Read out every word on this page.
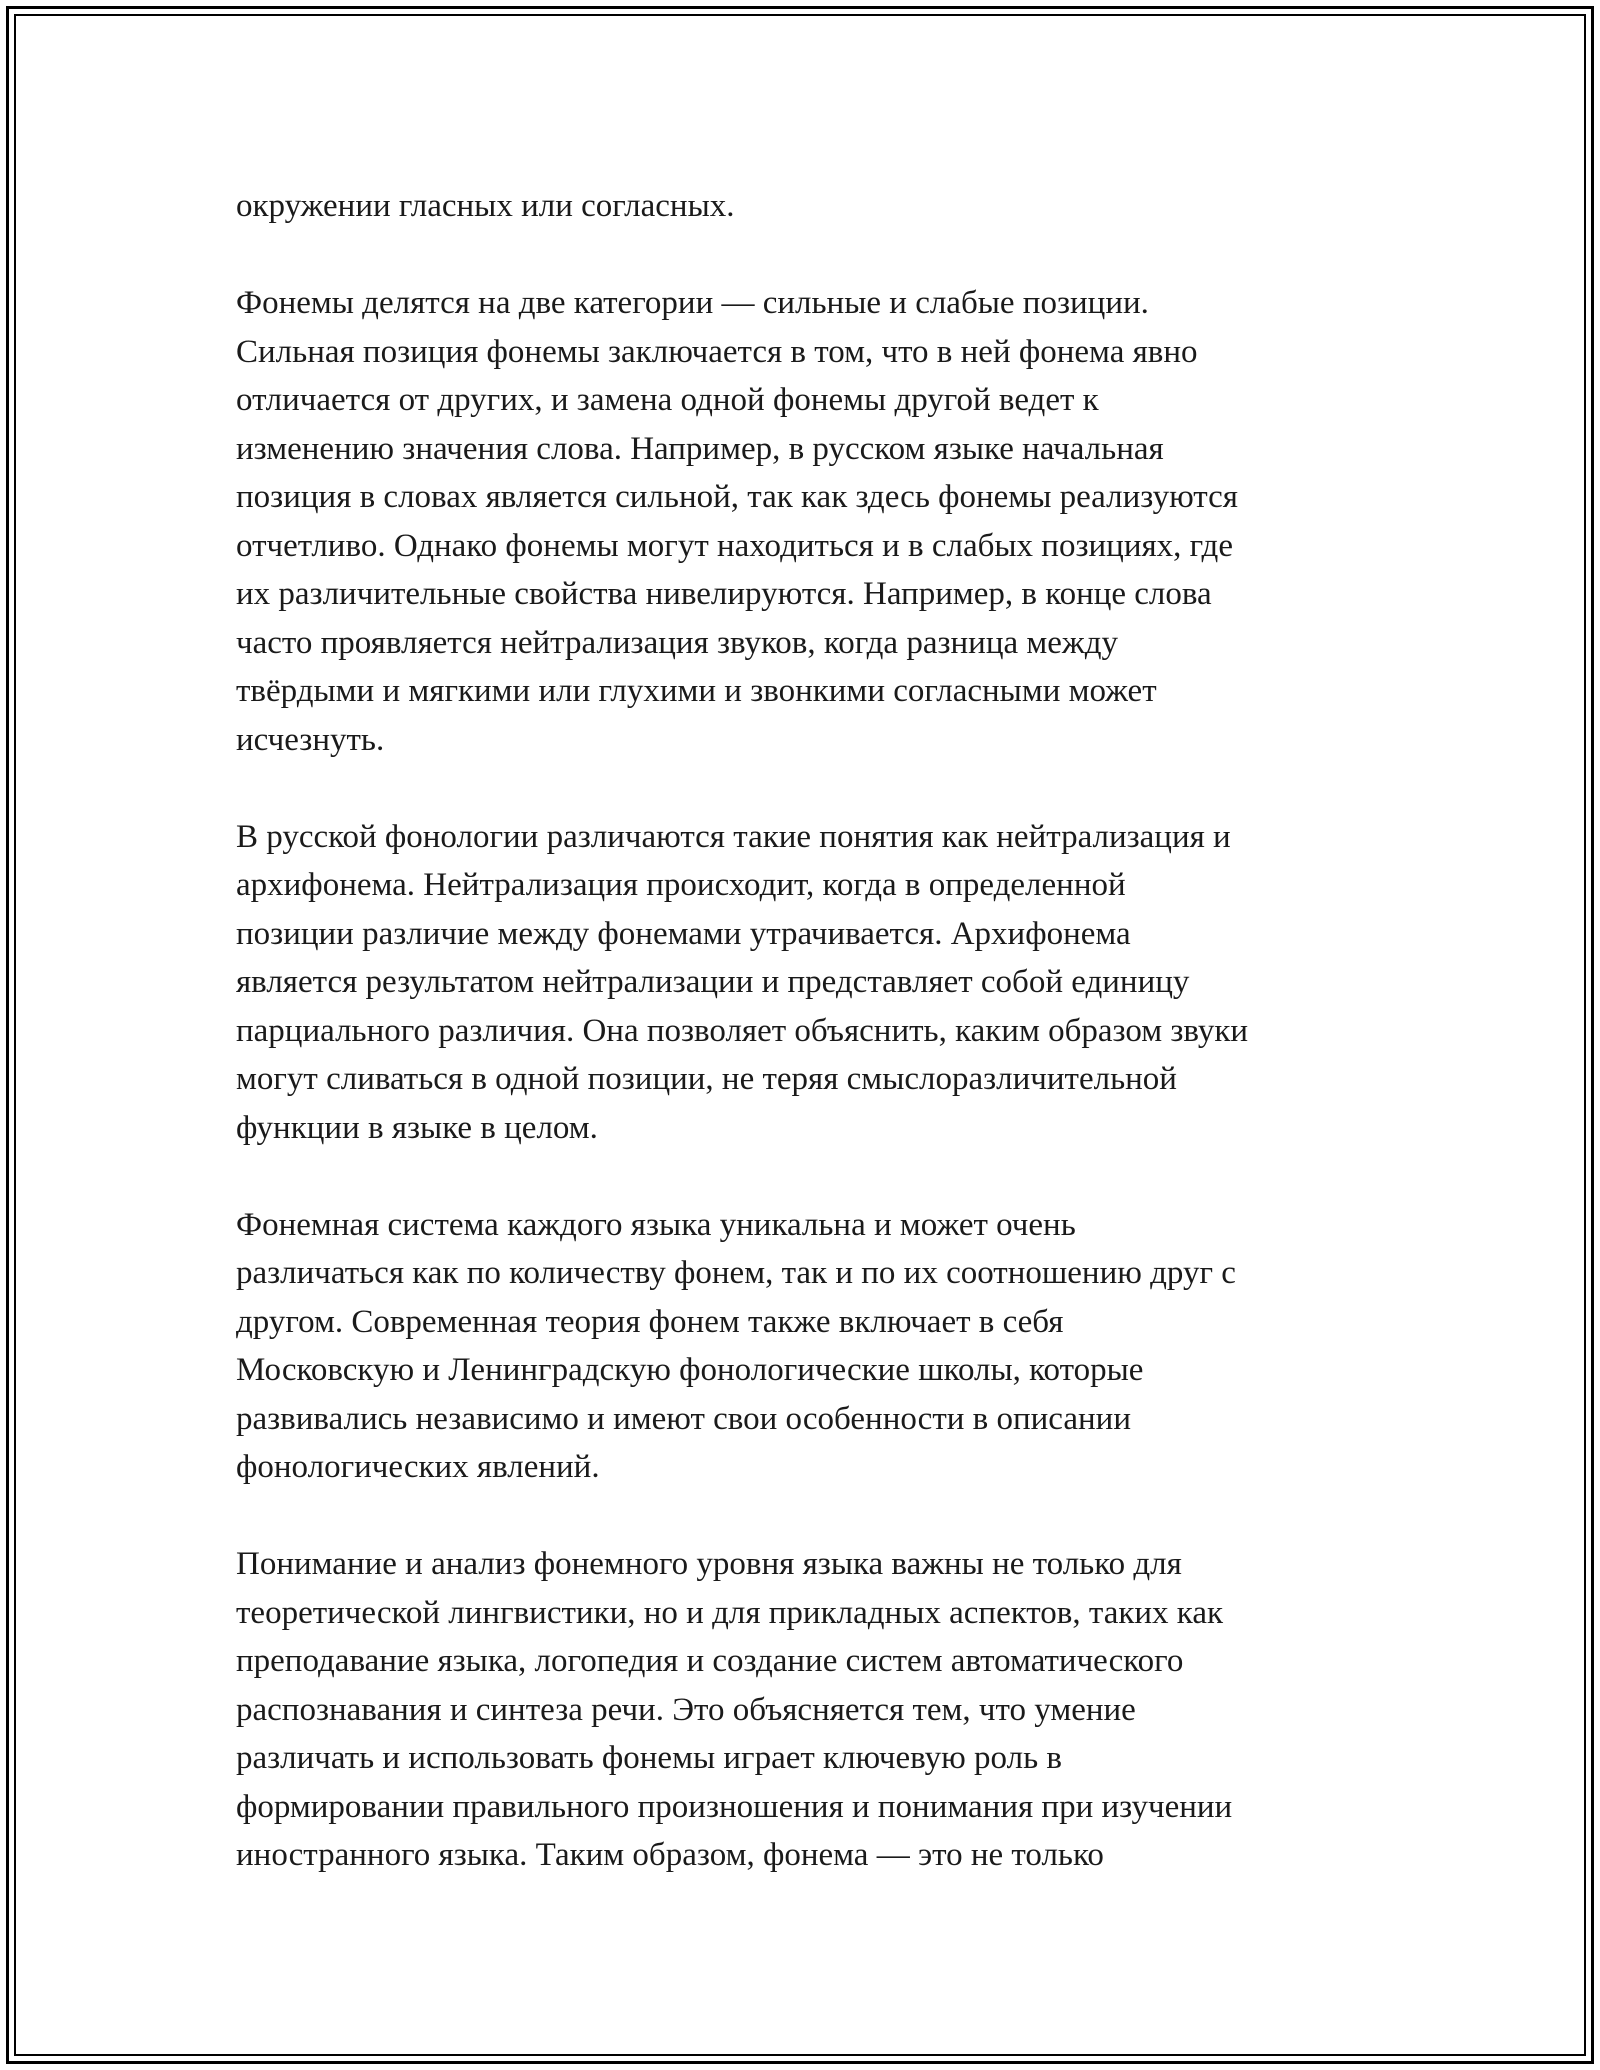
окружении гласных или согласных.

Фонемы делятся на две категории — сильные и слабые позиции.
Сильная позиция фонемы заключается в том, что в ней фонема явно
отличается от других, и замена одной фонемы другой ведет к
изменению значения слова. Например, в русском языке начальная
позиция в словах является сильной, так как здесь фонемы реализуются
отчетливо. Однако фонемы могут находиться и в слабых позициях, где
их различительные свойства нивелируются. Например, в конце слова
часто проявляется нейтрализация звуков, когда разница между
твёрдыми и мягкими или глухими и звонкими согласными может
исчезнуть.

В русской фонологии различаются такие понятия как нейтрализация и
архифонема. Нейтрализация происходит, когда в определенной
позиции различие между фонемами утрачивается. Архифонема
является результатом нейтрализации и представляет собой единицу
парциального различия. Она позволяет объяснить, каким образом звуки
могут сливаться в одной позиции, не теряя смыслоразличительной
функции в языке в целом.

Фонемная система каждого языка уникальна и может очень
различаться как по количеству фонем, так и по их соотношению друг с
другом. Современная теория фонем также включает в себя
Московскую и Ленинградскую фонологические школы, которые
развивались независимо и имеют свои особенности в описании
фонологических явлений.

Понимание и анализ фонемного уровня языка важны не только для
теоретической лингвистики, но и для прикладных аспектов, таких как
преподавание языка, логопедия и создание систем автоматического
распознавания и синтеза речи. Это объясняется тем, что умение
различать и использовать фонемы играет ключевую роль в
формировании правильного произношения и понимания при изучении
иностранного языка. Таким образом, фонема — это не только
